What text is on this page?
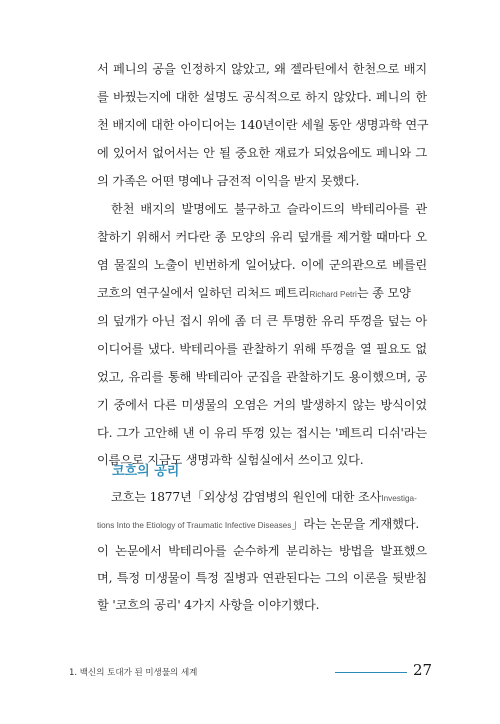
서 페니의 공을 인정하지 않았고, 왜 젤라틴에서 한천으로 배지
를 바꿨는지에 대한 설명도 공식적으로 하지 않았다. 페니의 한
천 배지에 대한 아이디어는 140년이란 세월 동안 생명과학 연구
에 있어서 없어서는 안 될 중요한 재료가 되었음에도 페니와 그
의 가족은 어떤 명예나 금전적 이익을 받지 못했다.
한천 배지의 발명에도 불구하고 슬라이드의 박테리아를 관
찰하기 위해서 커다란 종 모양의 유리 덮개를 제거할 때마다 오
염 물질의 노출이 빈번하게 일어났다. 이에 군의관으로 베를린
코흐의 연구실에서 일하던 리처드 페트리Richard Petri는 종 모양
의 덮개가 아닌 접시 위에 좀 더 큰 투명한 유리 뚜껑을 덮는 아
이디어를 냈다. 박테리아를 관찰하기 위해 뚜껑을 열 필요도 없
었고, 유리를 통해 박테리아 군집을 관찰하기도 용이했으며, 공
기 중에서 다른 미생물의 오염은 거의 발생하지 않는 방식이었
다. 그가 고안해 낸 이 유리 뚜껑 있는 접시는 '페트리 디쉬'라는
이름으로 지금도 생명과학 실험실에서 쓰이고 있다.
코흐의 공리
코흐는 1877년「외상성 감염병의 원인에 대한 조사Investiga-
tions Into the Etiology of Traumatic Infective Diseases」라는 논문을 게재했다.
이 논문에서 박테리아를 순수하게 분리하는 방법을 발표했으
며, 특정 미생물이 특정 질병과 연관된다는 그의 이론을 뒷받침
할 '코흐의 공리' 4가지 사항을 이야기했다.
1. 백신의 토대가 된 미생물의 세계	27
